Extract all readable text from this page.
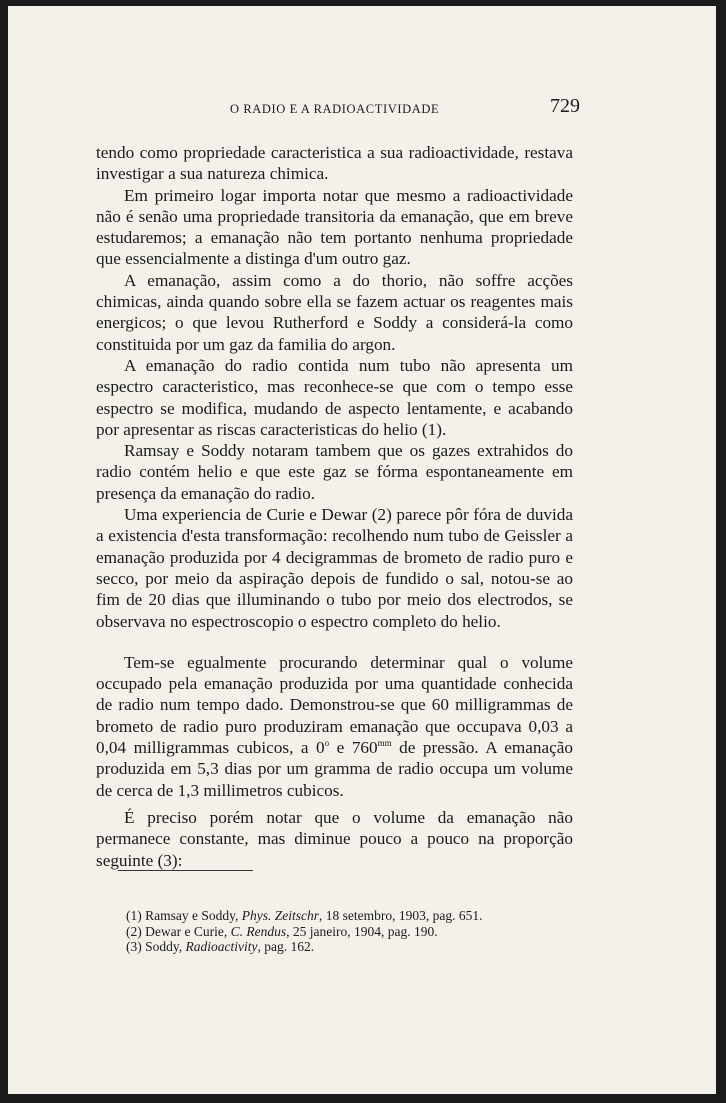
O RADIO E A RADIOACTIVIDADE	729

tendo como propriedade caracteristica a sua radioactividade, restava investigar a sua natureza chimica.

Em primeiro logar importa notar que mesmo a radioactividade não é senão uma propriedade transitoria da emanação, que em breve estudaremos; a emanação não tem portanto nenhuma propriedade que essencialmente a distinga d'um outro gaz.

A emanação, assim como a do thorio, não soffre acções chimicas, ainda quando sobre ella se fazem actuar os reagentes mais energicos; o que levou Rutherford e Soddy a considerá-la como constituida por um gaz da familia do argon.

A emanação do radio contida num tubo não apresenta um espectro caracteristico, mas reconhece-se que com o tempo esse espectro se modifica, mudando de aspecto lentamente, e acabando por apresentar as riscas caracteristicas do helio (1).

Ramsay e Soddy notaram tambem que os gazes extrahidos do radio contém helio e que este gaz se fórma espontaneamente em presença da emanação do radio.

Uma experiencia de Curie e Dewar (2) parece pôr fóra de duvida a existencia d'esta transformação: recolhendo num tubo de Geissler a emanação produzida por 4 decigrammas de brometo de radio puro e secco, por meio da aspiração depois de fundido o sal, notou-se ao fim de 20 dias que illuminando o tubo por meio dos electrodos, se observava no espectroscopio o espectro completo do helio.

Tem-se egualmente procurando determinar qual o volume occupado pela emanação produzida por uma quantidade conhecida de radio num tempo dado. Demonstrou-se que 60 milligrammas de brometo de radio puro produziram emanação que occupava 0,03 a 0,04 milligrammas cubicos, a 0$^o$ e $760^{mm}$ de pressão. A emanação produzida em 5,3 dias por um gramma de radio occupa um volume de cerca de 1,3 millimetros cubicos.

É preciso porém notar que o volume da emanação não permanece constante, mas diminue pouco a pouco na proporção seguinte (3):

(1) Ramsay e Soddy, Phys. Zeitschr, 18 setembro, 1903, pag. 651.
(2) Dewar e Curie, C. Rendus, 25 janeiro, 1904, pag. 190.
(3) Soddy, Radioactivity, pag. 162.
